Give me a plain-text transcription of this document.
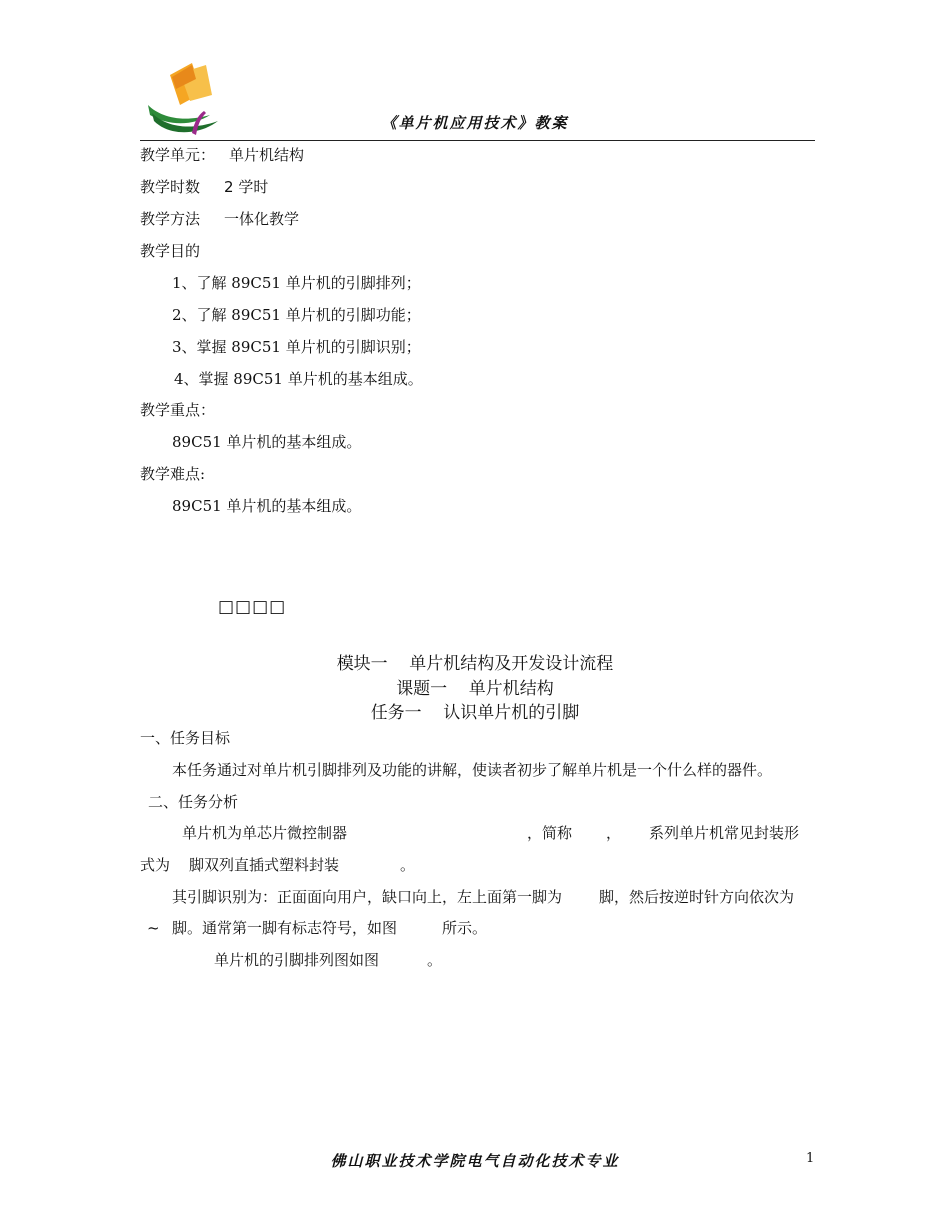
《单片机应用技术》教案
教学单元： 单片机结构
教学时数 2 学时
教学方法 一体化教学
教学目的
1、了解 89C51 单片机的引脚排列；
2、了解 89C51 单片机的引脚功能；
3、掌握 89C51 单片机的引脚识别；
4、掌握 89C51 单片机的基本组成。
教学重点：
89C51 单片机的基本组成。
教学难点:
89C51 单片机的基本组成。
□□□□
模块一    单片机结构及开发设计流程
课题一    单片机结构
任务一    认识单片机的引脚
一、任务目标
本任务通过对单片机引脚排列及功能的讲解，使读者初步了解单片机是一个什么样的器件。
二、任务分析
单片机为单芯片微控制器	，简称 ， 系列单片机常见封装形
式为 脚双列直插式塑料封装	。
其引脚识别为：正面面向用户，缺口向上，左上面第一脚为 脚，然后按逆时针方向依次为
~ 脚。通常第一脚有标志符号，如图	所示。
单片机的引脚排列图如图	。
佛山职业技术学院电气自动化技术专业	1
